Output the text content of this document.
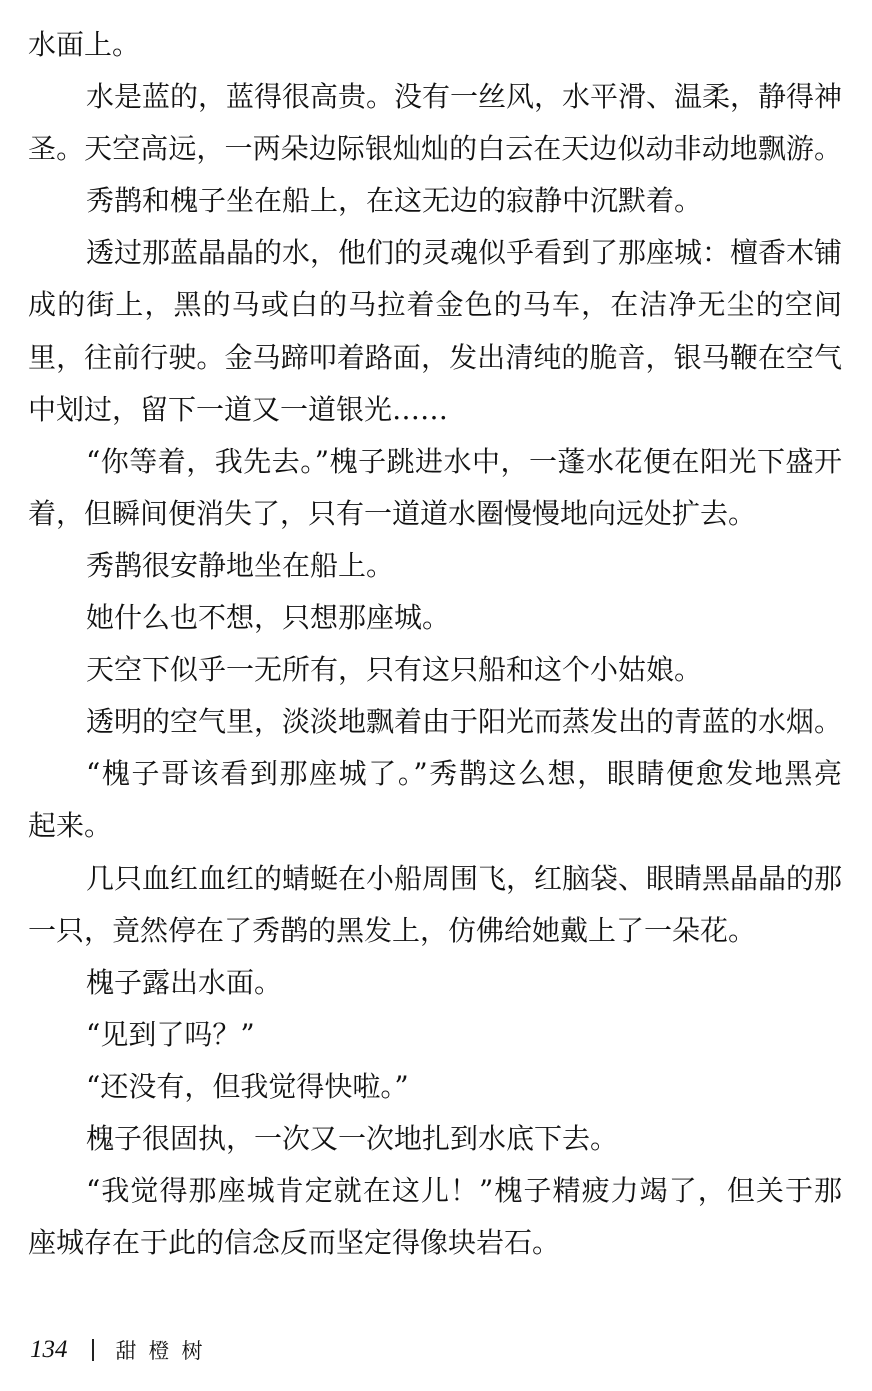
水面上。
水是蓝的，蓝得很高贵。没有一丝风，水平滑、温柔，静得神
圣。天空高远，一两朵边际银灿灿的白云在天边似动非动地飘游。
秀鹊和槐子坐在船上，在这无边的寂静中沉默着。
透过那蓝晶晶的水，他们的灵魂似乎看到了那座城：檀香木铺
成的街上，黑的马或白的马拉着金色的马车，在洁净无尘的空间
里，往前行驶。金马蹄叩着路面，发出清纯的脆音，银马鞭在空气
中划过，留下一道又一道银光……
“你等着，我先去。”槐子跳进水中，一蓬水花便在阳光下盛开
着，但瞬间便消失了，只有一道道水圈慢慢地向远处扩去。
秀鹊很安静地坐在船上。
她什么也不想，只想那座城。
天空下似乎一无所有，只有这只船和这个小姑娘。
透明的空气里，淡淡地飘着由于阳光而蒸发出的青蓝的水烟。
“槐子哥该看到那座城了。”秀鹊这么想，眼睛便愈发地黑亮
起来。
几只血红血红的蜻蜓在小船周围飞，红脑袋、眼睛黑晶晶的那
一只，竟然停在了秀鹊的黑发上，仿佛给她戴上了一朵花。
槐子露出水面。
“见到了吗？”
“还没有，但我觉得快啦。”
槐子很固执，一次又一次地扎到水底下去。
“我觉得那座城肯定就在这儿！”槐子精疲力竭了，但关于那
座城存在于此的信念反而坚定得像块岩石。
134 甜橙树
